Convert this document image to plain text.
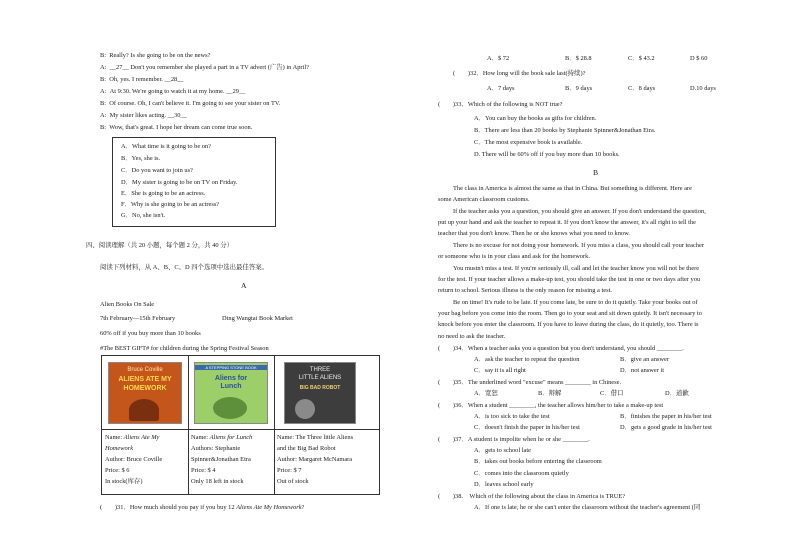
B: Really? Is she going to be on the news?
A: __27__ Don't you remember she played a part in a TV advert (广告) in April?
B: Oh, yes. I remember. __28__
A: At 9:30. We're going to watch it at my home. __29__
B: Of course. Oh, I can't believe it. I'm going to see your sister on TV.
A: My sister likes acting. __30__
B: Wow, that's great. I hope her dream can come true soon.
A．What time is it going to be on?
B．Yes, she is.
C．Do you want to join us?
D．My sister is going to be on TV on Friday.
E．She is going to be an actress.
F．Why is she going to be an actress?
G．No, she isn't.
四、阅读理解（共 20 小题，每个题 2 分，共 40 分）
阅读下列材料，从 A、B、C、D 四个选项中选出最佳答案。
A
Alien Books On Sale
7th February—15th February	Ding Wangtai Book Market
60% off if you buy more than 10 books
#The BEST GIFT# for children during the Spring Festival Season
Bruce Coville
ALIENS ATE MY
HOMEWORK
A STEPPING STONE BOOK
Aliens for
Lunch
THREE
LITTLE ALIENS
BIG BAD ROBOT
Name: Aliens Ate My
Homework
Author: Bruce Coville
Price: $ 6
In stock(库存)
Name: Aliens for Lunch
Authors: Stephanie
Spinner&Jonathan Etra
Price: $ 4
Only 18 left in stock
Name: The Three little Aliens
and the Big Bad Robot
Author: Margaret McNamara
Price: $ 7
Out of stock
(　　)31．How much should you pay if you buy 12 Aliens Ate My Homework?
A．$ 72	B．$ 28.8	C．$ 43.2	D $ 60
(　　)32．How long will the book sale last(持续)?
A．7 days	B．9 days	C．8 days	D.10 days
(　　)33．Which of the following is NOT true?
A．You can buy the books as gifts for children.
B．There are less than 20 books by Stephanie Spinner&Jonathan Etra.
C．The most expensive book is available.
D. There will be 60% off if you buy more than 10 books.
B
The class in America is almost the same as that in China. But something is different. Here are
some American classroom customs.
If the teacher asks you a question, you should give an answer. If you don't understand the question,
put up your hand and ask the teacher to repeat it. If you don't know the answer, it's all right to tell the
teacher that you don't know. Then he or she knows what you need to know.
There is no excuse for not doing your homework. If you miss a class, you should call your teacher
or someone who is in your class and ask for the homework.
You mustn't miss a test. If you're seriously ill, call and let the teacher know you will not be there
for the test. If your teacher allows a make-up test, you should take the test in one or two days after you
return to school. Serious illness is the only reason for missing a test.
Be on time! It's rude to be late. If you come late, be sure to do it quietly. Take your books out of
your bag before you come into the room. Then go to your seat and sit down quietly. It isn't necessary to
knock before you enter the classroom. If you have to leave during the class, do it quietly, too. There is
no need to ask the teacher.
(　　)34．When a teacher asks you a question but you don't understand, you should ________.
A．ask the teacher to repeat the question	B．give an answer
C．say it is all right	D．not answer it
(　　)35．The underlined word "excuse" means ________ in Chinese.
A．宽恕	B．辩解	C．借口	D．道歉
(　　)36．When a student ________, the teacher allows him/her to take a make-up test
A．is too sick to take the test	B．finishes the paper in his/her test
C．doesn't finish the paper in his/her test	D．gets a good grade in his/her test
(　　)37．A student is impolite when he or she ________.
A．gets to school late
B．takes out books before entering the classroom
C．comes into the classroom quietly
D．leaves school early
(　　)38.　Which of the following about the class in America is TRUE?
A．If one is late, he or she can't enter the classroom without the teacher's agreement (同
